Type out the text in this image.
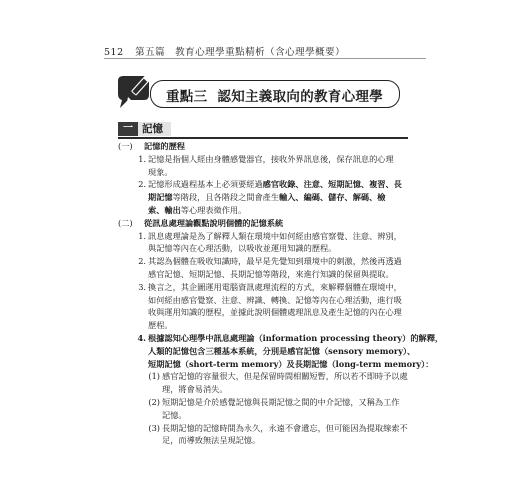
512 第五篇　教育心理學重點精析（含心理學概要）
重點三 認知主義取向的教育心理學
一 記憶
(一)	記憶的歷程
1. 記憶是指個人經由身體感覺器官，接收外界訊息後，保存訊息的心理
現象。
2. 記憶形成過程基本上必須要經過感官收錄、注意、短期記憶、複習、長
期記憶等階段，且各階段之間會產生輸入、編碼、儲存、解碼、檢
索、輸出等心理表徵作用。
(二)	從訊息處理論觀點說明個體的記憶系統
1. 訊息處理論是為了解釋人類在環境中如何經由感官察覺、注意、辨別，
與記憶等內在心理活動，以吸收並運用知識的歷程。
2. 其認為個體在吸收知識時，最早是先覺知到環境中的刺激，然後再透過
感官記憶、短期記憶、長期記憶等階段，來進行知識的保留與提取。
3. 換言之，其企圖運用電腦資訊處理流程的方式，來解釋個體在環境中，
如何經由感官覺察、注意、辨識、轉換、記憶等內在心理活動，進行吸
收與運用知識的歷程，並據此說明個體處理訊息及產生記憶的內在心理
歷程。
4. 根據認知心理學中訊息處理論（information processing theory）的解釋，
人類的記憶包含三種基本系統，分別是感官記憶（sensory memory）、
短期記憶（short-term memory）及長期記憶（long-term memory）：
(1) 感官記憶的容量很大，但是保留時間相關短暫，所以若不即時予以處
理，將會易消失。
(2) 短期記憶是介於感覺記憶與長期記憶之間的中介記憶，又稱為工作
記憶。
(3) 長期記憶的記憶時間為永久，永遠不會遺忘，但可能因為提取線索不
足，而導致無法呈現記憶。
